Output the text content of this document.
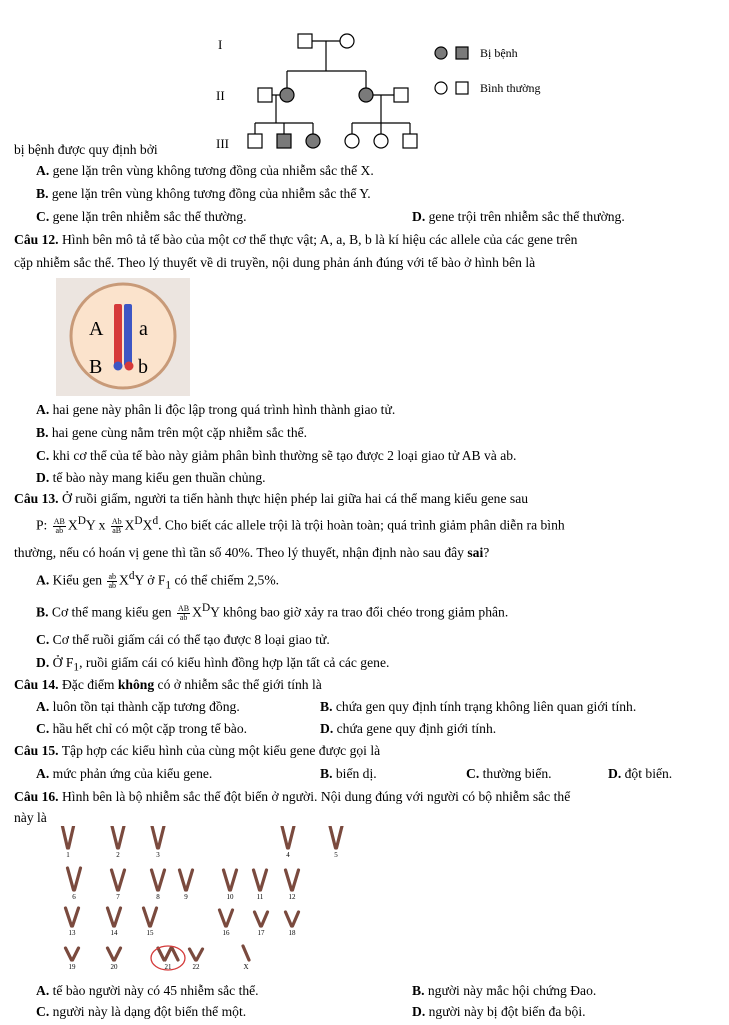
I
II
III
Bị bệnh
Bình thường
bị bệnh được quy định bởi
A. gene lặn trên vùng không tương đồng của nhiễm sắc thể X.
B. gene lặn trên vùng không tương đồng của nhiễm sắc thể Y.
C. gene lặn trên nhiễm sắc thể thường.	D. gene trội trên nhiễm sắc thể thường.
Câu 12. Hình bên mô tả tế bào của một cơ thể thực vật; A, a, B, b là kí hiệu các allele của các gene trên
cặp nhiễm sắc thể. Theo lý thuyết về di truyền, nội dung phản ánh đúng với tế bào ở hình bên là
A a
B b
A. hai gene này phân li độc lập trong quá trình hình thành giao tử.
B. hai gene cùng nằm trên một cặp nhiễm sắc thể.
C. khi cơ thể của tế bào này giảm phân bình thường sẽ tạo được 2 loại giao tử AB và ab.
D. tế bào này mang kiểu gen thuần chủng.
Câu 13. Ở ruồi giấm, người ta tiến hành thực hiện phép lai giữa hai cá thể mang kiểu gene sau
P: $\frac{AB}{ab} X^DY$ x $\frac{Ab}{aB} X^DX^d$. Cho biết các allele trội là trội hoàn toàn; quá trình giảm phân diễn ra bình
thường, nếu có hoán vị gene thì tần số 40%. Theo lý thuyết, nhận định nào sau đây sai?
A. Kiểu gen $\frac{ab}{ab} X^dY$ ở $F_1$ có thể chiếm 2,5%.
B. Cơ thể mang kiểu gen $\frac{AB}{ab} X^DY$ không bao giờ xảy ra trao đổi chéo trong giảm phân.
C. Cơ thể ruồi giấm cái có thể tạo được 8 loại giao tử.
D. Ở $F_1$, ruồi giấm cái có kiểu hình đồng hợp lặn tất cả các gene.
Câu 14. Đặc điểm không có ở nhiễm sắc thể giới tính là
A. luôn tồn tại thành cặp tương đồng.	B. chứa gen quy định tính trạng không liên quan giới tính.
C. hầu hết chỉ có một cặp trong tế bào.	D. chứa gene quy định giới tính.
Câu 15. Tập hợp các kiểu hình của cùng một kiểu gene được gọi là
A. mức phản ứng của kiểu gene.	B. biến dị.	C. thường biến.	D. đột biến.
Câu 16. Hình bên là bộ nhiễm sắc thể đột biến ở người. Nội dung đúng với người có bộ nhiễm sắc thể
này là
1	2	3	4	5
6	7	8	9	10	11	12
13	14	15	16	17	18
19	20	21	22	X
A. tế bào người này có 45 nhiễm sắc thể.	B. người này mắc hội chứng Đao.
C. người này là dạng đột biến thể một.	D. người này bị đột biến đa bội.
